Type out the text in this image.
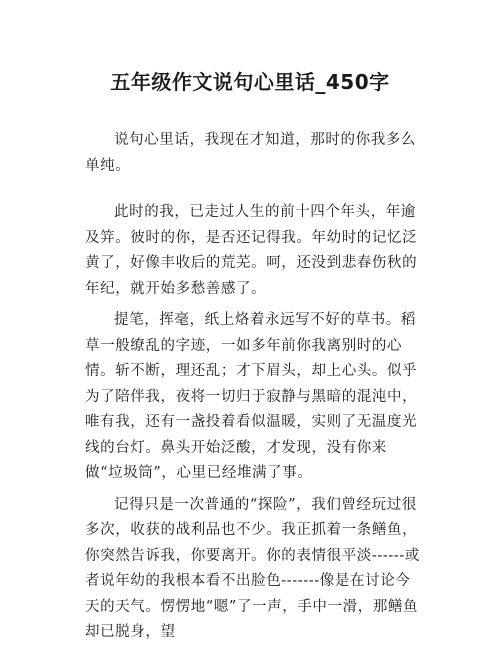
五年级作文说句心里话_450字

说句心里话，我现在才知道，那时的你我多么单纯。

此时的我，已走过人生的前十四个年头，年逾及笄。彼时的你，是否还记得我。年幼时的记忆泛黄了，好像丰收后的荒芜。呵，还没到悲春伤秋的年纪，就开始多愁善感了。

提笔，挥毫，纸上烙着永远写不好的草书。稻草一般缭乱的字迹，一如多年前你我离别时的心情。斩不断，理还乱；才下眉头，却上心头。似乎为了陪伴我，夜将一切归于寂静与黑暗的混沌中，唯有我，还有一盏投着看似温暖，实则了无温度光线的台灯。鼻头开始泛酸，才发现，没有你来做“垃圾筒”，心里已经堆满了事。

记得只是一次普通的“探险”，我们曾经玩过很多次，收获的战利品也不少。我正抓着一条鳝鱼，你突然告诉我，你要离开。你的表情很平淡------或者说年幼的我根本看不出脸色-------像是在讨论今天的天气。愣愣地“嗯”了一声，手中一滑，那鳝鱼却已脱身，望
